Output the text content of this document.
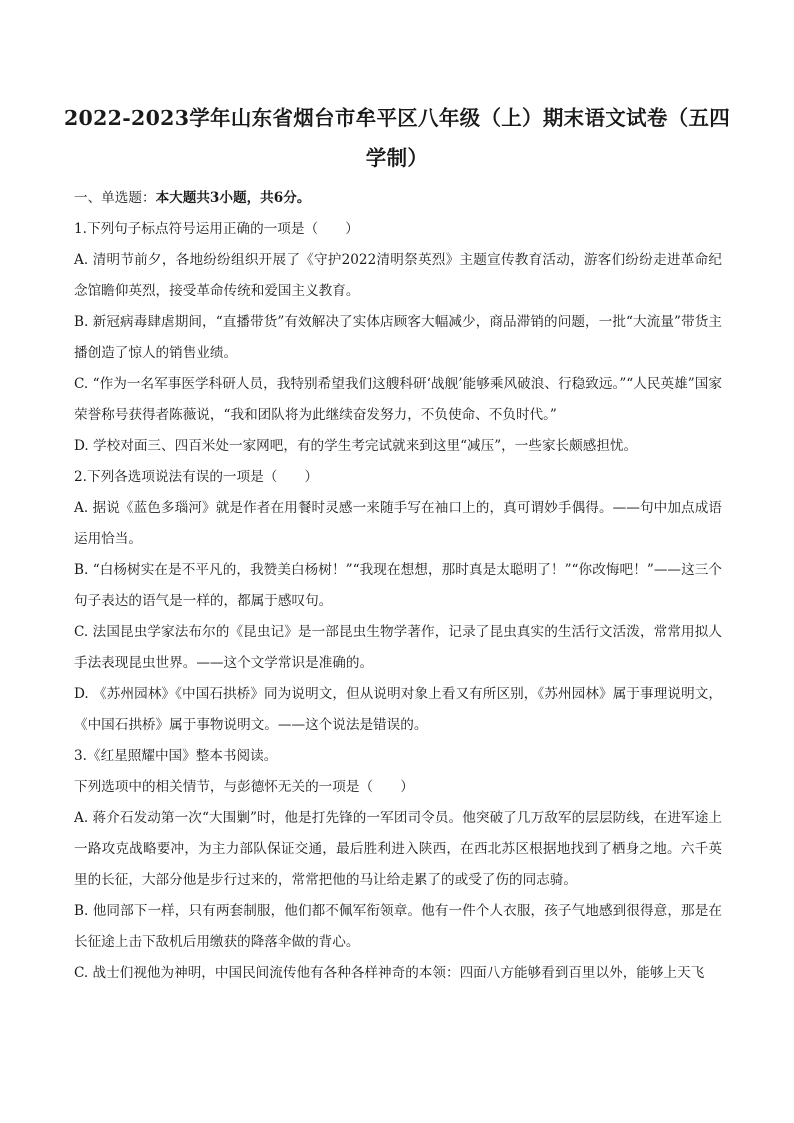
2022-2023学年山东省烟台市牟平区八年级（上）期末语文试卷（五四学制）

一、单选题：本大题共3小题，共6分。

1.下列句子标点符号运用正确的一项是（　　）

A. 清明节前夕，各地纷纷组织开展了《守护2022清明祭英烈》主题宣传教育活动，游客们纷纷走进革命纪念馆瞻仰英烈，接受革命传统和爱国主义教育。

B. 新冠病毒肆虐期间，“直播带货”有效解决了实体店顾客大幅减少，商品滞销的问题，一批“大流量”带货主播创造了惊人的销售业绩。

C. “作为一名军事医学科研人员，我特别希望我们这艘科研‘战舰’能够乘风破浪、行稳致远。”“人民英雄”国家荣誉称号获得者陈薇说，“我和团队将为此继续奋发努力，不负使命、不负时代。”

D. 学校对面三、四百米处一家网吧，有的学生考完试就来到这里“减压”，一些家长颇感担忧。

2.下列各选项说法有误的一项是（　　）

A. 据说《蓝色多瑙河》就是作者在用餐时灵感一来随手写在袖口上的，真可谓妙手偶得。——句中加点成语运用恰当。

B. “白杨树实在是不平凡的，我赞美白杨树！”“我现在想想，那时真是太聪明了！”“你改悔吧！”——这三个句子表达的语气是一样的，都属于感叹句。

C. 法国昆虫学家法布尔的《昆虫记》是一部昆虫生物学著作，记录了昆虫真实的生活行文活泼，常常用拟人手法表现昆虫世界。——这个文学常识是准确的。

D. 《苏州园林》《中国石拱桥》同为说明文，但从说明对象上看又有所区别，《苏州园林》属于事理说明文，《中国石拱桥》属于事物说明文。——这个说法是错误的。

3.《红星照耀中国》整本书阅读。

下列选项中的相关情节，与彭德怀无关的一项是（　　）

A. 蒋介石发动第一次“大围剿”时，他是打先锋的一军团司令员。他突破了几万敌军的层层防线，在进军途上一路攻克战略要冲，为主力部队保证交通，最后胜利进入陕西，在西北苏区根据地找到了栖身之地。六千英里的长征，大部分他是步行过来的，常常把他的马让给走累了的或受了伤的同志骑。

B. 他同部下一样，只有两套制服，他们都不佩军衔领章。他有一件个人衣服，孩子气地感到很得意，那是在长征途上击下敌机后用缴获的降落伞做的背心。

C. 战士们视他为神明，中国民间流传他有各种各样神奇的本领：四面八方能够看到百里以外，能够上天飞
